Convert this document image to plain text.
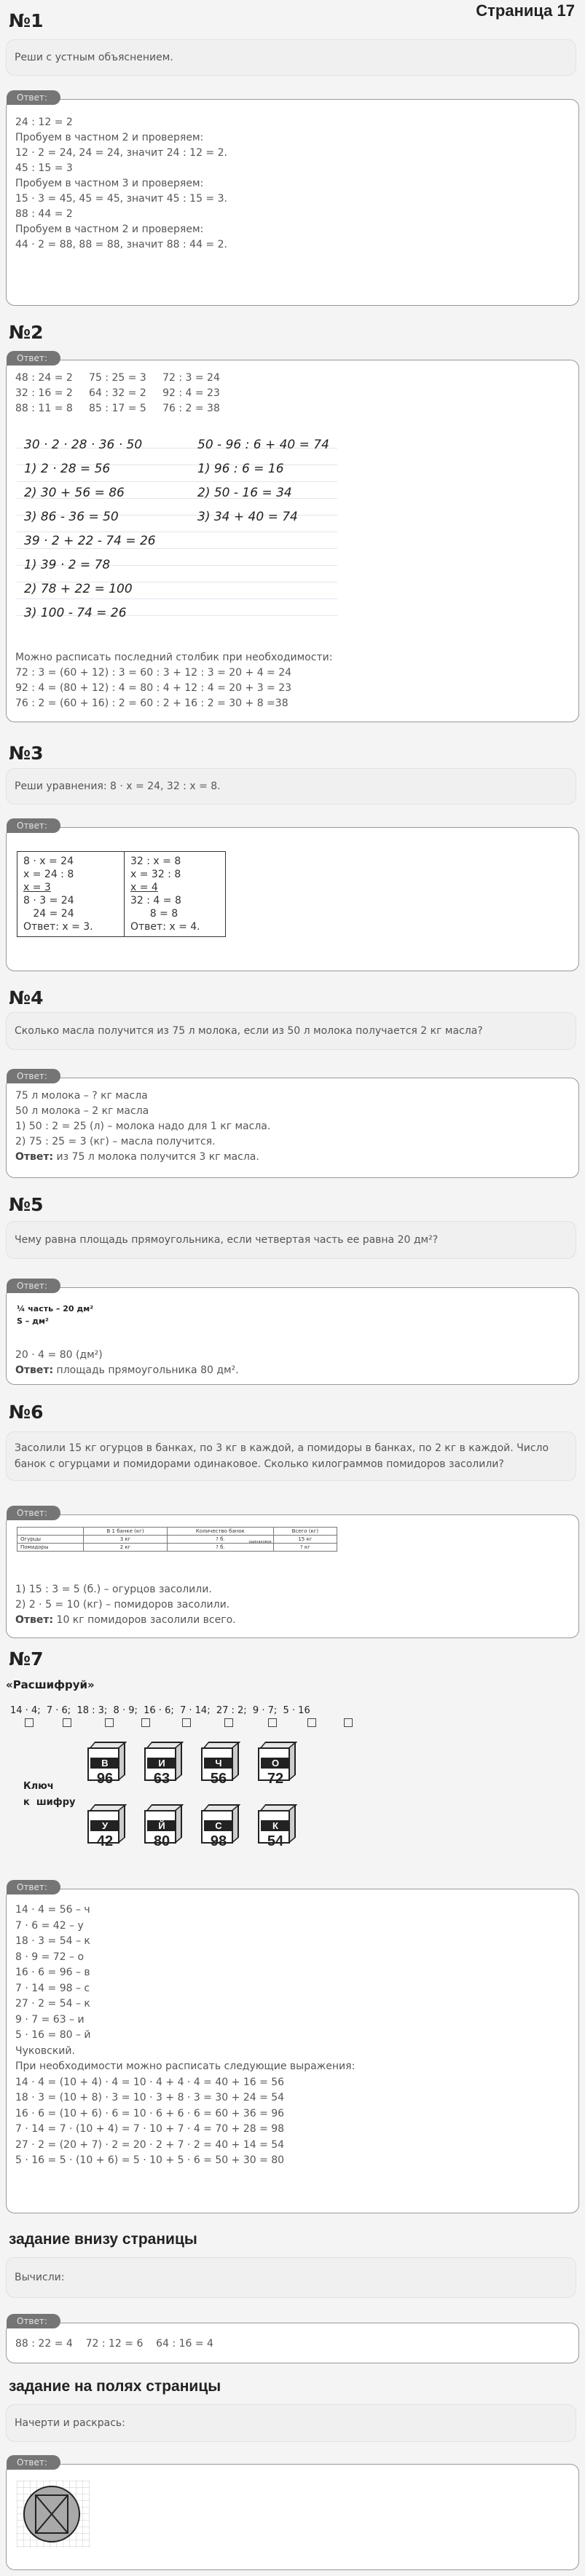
Страница 17
№1
Реши с устным объяснением.
Ответ:
24 : 12 = 2
Пробуем в частном 2 и проверяем:
12 · 2 = 24, 24 = 24, значит 24 : 12 = 2.
45 : 15 = 3
Пробуем в частном 3 и проверяем:
15 · 3 = 45, 45 = 45, значит 45 : 15 = 3.
88 : 44 = 2
Пробуем в частном 2 и проверяем:
44 · 2 = 88, 88 = 88, значит 88 : 44 = 2.
№2
Ответ:
48 : 24 = 2     75 : 25 = 3     72 : 3 = 24
32 : 16 = 2     64 : 32 = 2     92 : 4 = 23
88 : 11 = 8     85 : 17 = 5     76 : 2 = 38
30 · 2 · 28 · 36 · 50
1) 2 · 28 = 56
2) 30 + 56 = 86
3) 86 - 36 = 50
39 · 2 + 22 - 74 = 26
1) 39 · 2 = 78
2) 78 + 22 = 100
3) 100 - 74 = 26
50 - 96 : 6 + 40 = 74
1) 96 : 6 = 16
2) 50 - 16 = 34
3) 34 + 40 = 74
Можно расписать последний столбик при необходимости:
72 : 3 = (60 + 12) : 3 = 60 : 3 + 12 : 3 = 20 + 4 = 24
92 : 4 = (80 + 12) : 4 = 80 : 4 + 12 : 4 = 20 + 3 = 23
76 : 2 = (60 + 16) : 2 = 60 : 2 + 16 : 2 = 30 + 8 =38
№3
Реши уравнения: 8 · x = 24, 32 : x = 8.
Ответ:
8 · x = 24
x = 24 : 8
x = 3
8 · 3 = 24
24 = 24
Ответ: x = 3.

32 : x = 8
x = 32 : 8
x = 4
32 : 4 = 8
8 = 8
Ответ: x = 4.
№4
Сколько масла получится из 75 л молока, если из 50 л молока получается 2 кг масла?
Ответ:
75 л молока – ? кг масла
50 л молока – 2 кг масла
1) 50 : 2 = 25 (л) – молока надо для 1 кг масла.
2) 75 : 25 = 3 (кг) – масла получится.
Ответ: из 75 л молока получится 3 кг масла.
№5
Чему равна площадь прямоугольника, если четвертая часть ее равна 20 дм²?
Ответ:
¼ часть – 20 дм²
S – дм²
20 · 4 = 80 (дм²)
Ответ: площадь прямоугольника 80 дм².
№6
Засолили 15 кг огурцов в банках, по 3 кг в каждой, а помидоры в банках, по 2 кг в каждой. Число банок с огурцами и помидорами одинаковое. Сколько килограммов помидоров засолили?
Ответ:
	В 1 банке (кг)	Количество банок	Всего (кг)
Огурцы	3 кг	? б. одинаковое	15 кг
Помидоры	2 кг	? б.	? кг
1) 15 : 3 = 5 (б.) – огурцов засолили.
2) 2 · 5 = 10 (кг) – помидоров засолили.
Ответ: 10 кг помидоров засолили всего.
№7
«Расшифруй»
14 · 4;  7 · 6;  18 : 3;  8 · 9;  16 · 6;  7 · 14;  27 : 2;  9 · 7;  5 · 16

Ключ
к  шифру
В
96
И
63
Ч
56
О
72
У
42
Й
80
С
98
К
54
Ответ:
14 · 4 = 56 – ч
7 · 6 = 42 – у
18 · 3 = 54 – к
8 · 9 = 72 – о
16 · 6 = 96 – в
7 · 14 = 98 – с
27 · 2 = 54 – к
9 · 7 = 63 – и
5 · 16 = 80 – й
Чуковский.
При необходимости можно расписать следующие выражения:
14 · 4 = (10 + 4) · 4 = 10 · 4 + 4 · 4 = 40 + 16 = 56
18 · 3 = (10 + 8) · 3 = 10 · 3 + 8 · 3 = 30 + 24 = 54
16 · 6 = (10 + 6) · 6 = 10 · 6 + 6 · 6 = 60 + 36 = 96
7 · 14 = 7 · (10 + 4) = 7 · 10 + 7 · 4 = 70 + 28 = 98
27 · 2 = (20 + 7) · 2 = 20 · 2 + 7 · 2 = 40 + 14 = 54
5 · 16 = 5 · (10 + 6) = 5 · 10 + 5 · 6 = 50 + 30 = 80
задание внизу страницы
Вычисли:
Ответ:
88 : 22 = 4    72 : 12 = 6    64 : 16 = 4
задание на полях страницы
Начерти и раскрась:
Ответ:
